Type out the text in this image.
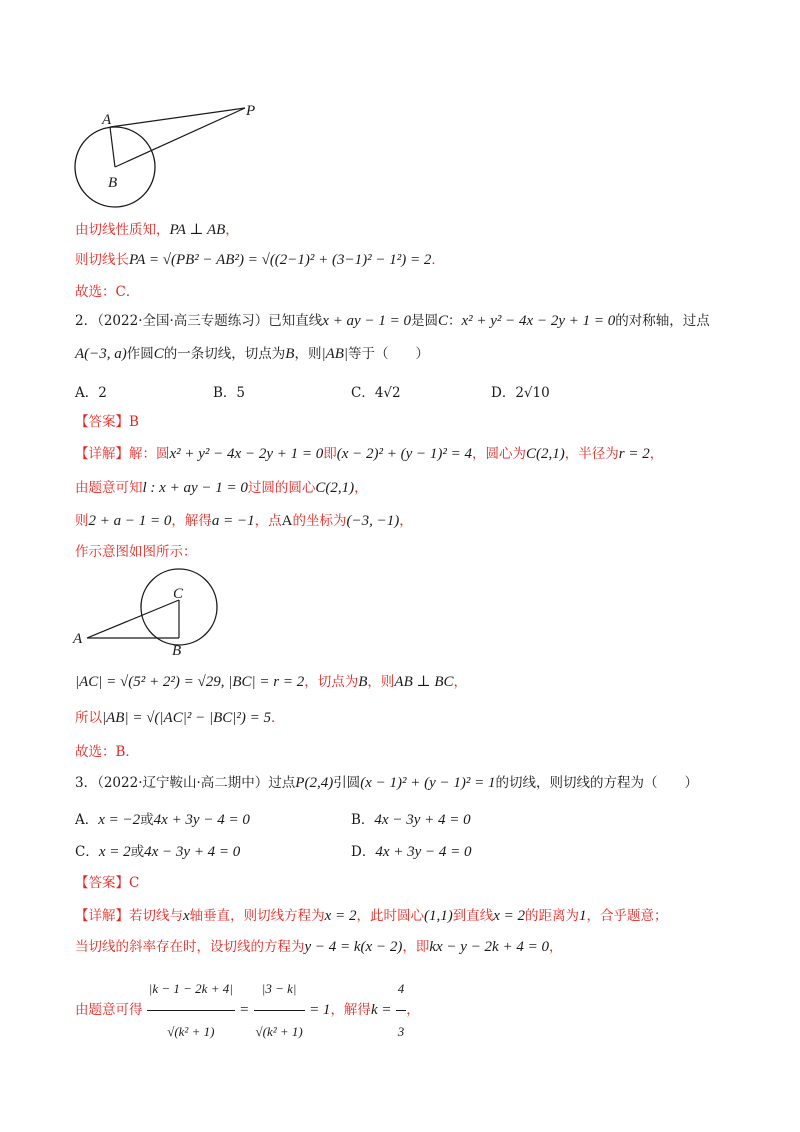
A
B
P
由切线性质知，PA ⊥ AB，
则切线长PA = √(PB² − AB²) = √((2−1)² + (3−1)² − 1²) = 2．
故选：C．
2．（2022·全国·高三专题练习）已知直线x + ay − 1 = 0是圆C：x² + y² − 4x − 2y + 1 = 0的对称轴，过点
A(−3, a)作圆C的一条切线，切点为B，则|AB|等于（　　）
A．2	B．5	C．4√2	D．2√10
【答案】B
【详解】解：圆x² + y² − 4x − 2y + 1 = 0即(x − 2)² + (y − 1)² = 4，圆心为C(2,1)，半径为r = 2，
由题意可知l : x + ay − 1 = 0过圆的圆心C(2,1)，
则2 + a − 1 = 0，解得a = −1，点A的坐标为(−3, −1)，
作示意图如图所示：
A
B
C
|AC| = √(5² + 2²) = √29, |BC| = r = 2，切点为B，则AB ⊥ BC，
所以|AB| = √(|AC|² − |BC|²) = 5．
故选：B．
3．（2022·辽宁鞍山·高二期中）过点P(2,4)引圆(x − 1)² + (y − 1)² = 1的切线，则切线的方程为（　　）
A．x = −2或4x + 3y − 4 = 0	B．4x − 3y + 4 = 0
C．x = 2或4x − 3y + 4 = 0	D．4x + 3y − 4 = 0
【答案】C
【详解】若切线与x轴垂直，则切线方程为x = 2，此时圆心(1,1)到直线x = 2的距离为1，合乎题意；
当切线的斜率存在时，设切线的方程为y − 4 = k(x − 2)，即kx − y − 2k + 4 = 0，
由题意可得 $\frac{|k - 1 - 2k + 4|}{\text{√(k² + 1)}} = \frac{|3 - k|}{\text{√(k² + 1)}} = 1$，解得$k = \frac{4}{3}$ ，
